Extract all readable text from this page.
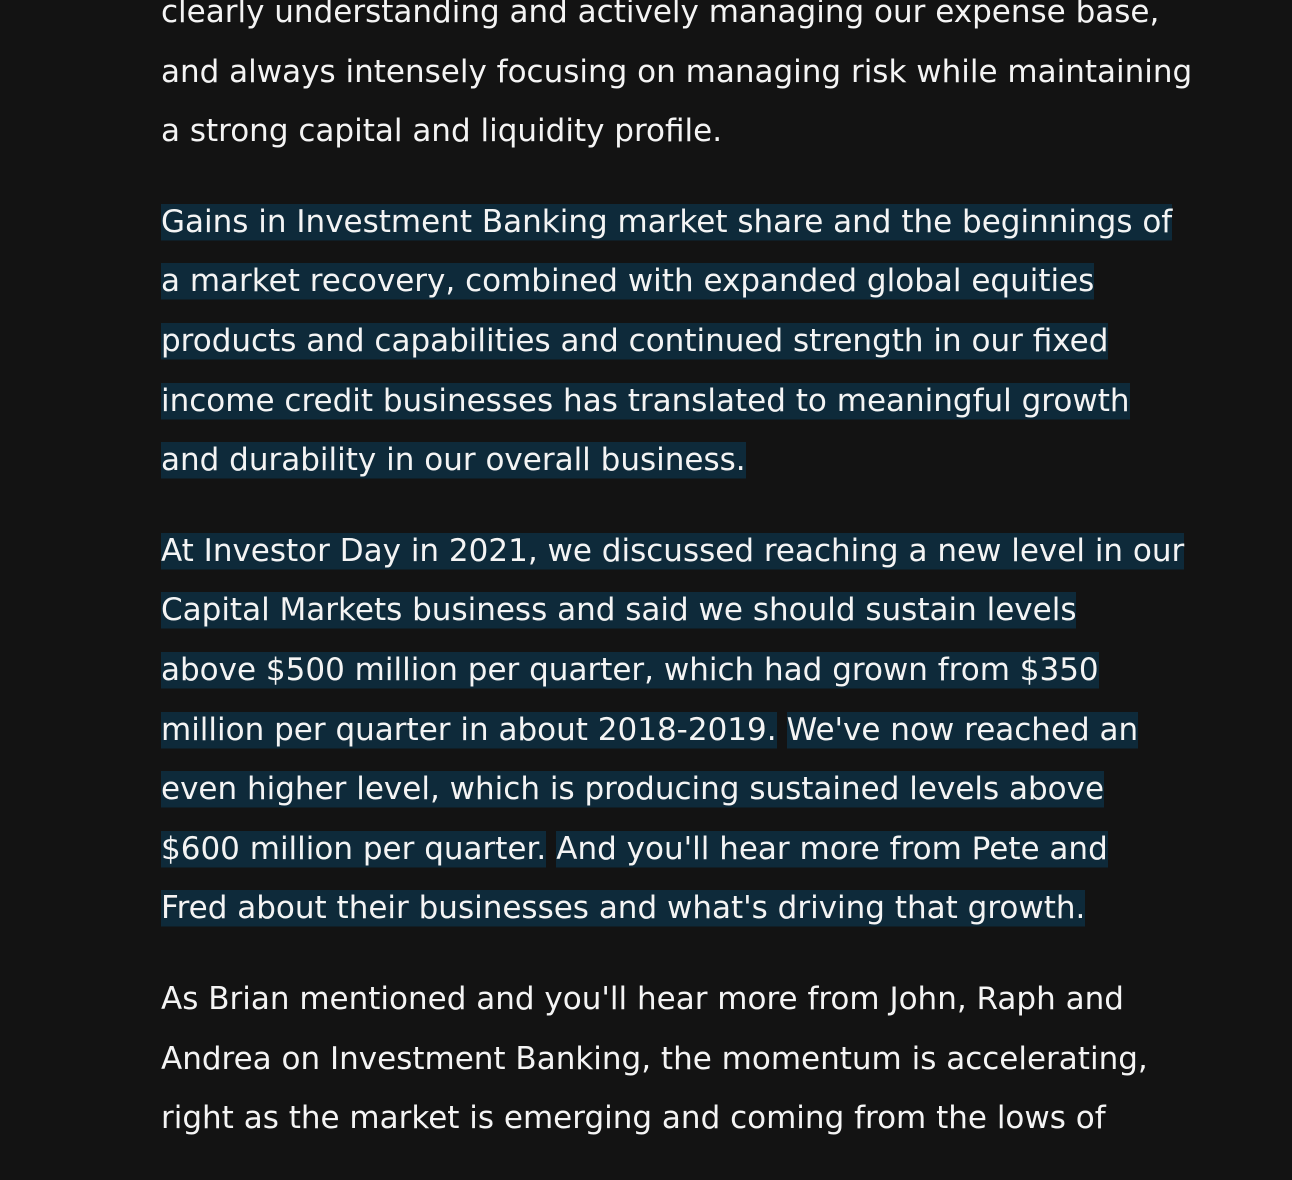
clearly understanding and actively managing our expense base,
and always intensely focusing on managing risk while maintaining
a strong capital and liquidity profile.

Gains in Investment Banking market share and the beginnings of
a market recovery, combined with expanded global equities
products and capabilities and continued strength in our fixed
income credit businesses has translated to meaningful growth
and durability in our overall business.

At Investor Day in 2021, we discussed reaching a new level in our
Capital Markets business and said we should sustain levels
above $500 million per quarter, which had grown from $350
million per quarter in about 2018-2019. We've now reached an
even higher level, which is producing sustained levels above
$600 million per quarter. And you'll hear more from Pete and
Fred about their businesses and what's driving that growth.

As Brian mentioned and you'll hear more from John, Raph and
Andrea on Investment Banking, the momentum is accelerating,
right as the market is emerging and coming from the lows of
